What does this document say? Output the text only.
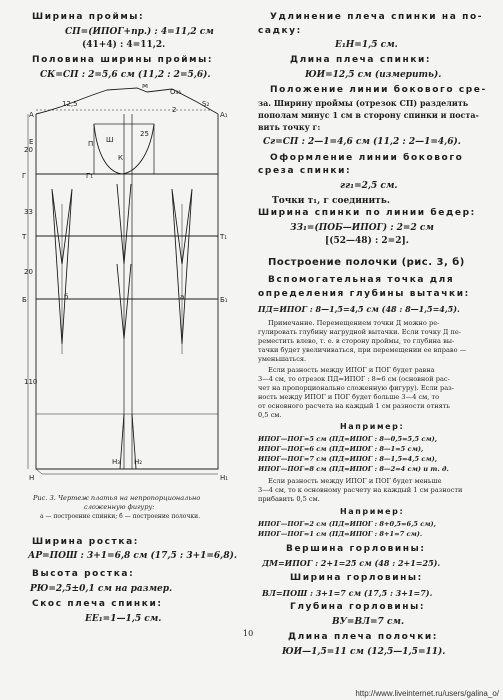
Ширина проймы:
СП=(ИПОГ+пр.) : 4=11,2 см
(41+4) : 4=11,2.
Половина ширины проймы:
СК=СП : 2=5,6 см (11,2 : 2=5,6).
А
Е
Г
Т
Б
Н	Н₁
Н₂
Н₃
А₁
Т₁
Б₁
О₃₅
S₂
М
П Ш
К
Г₁
б	а
20
33
20
110
12,5
25
2
Рис. 3. Чертеж платья на непропорционально
сложенную фигуру:
а — построение спинки; б — построение полочки.
Ширина ростка:
АР=ПОШ : 3+1=6,8 см (17,5 : 3+1=6,8).
Высота ростка:
РЮ=2,5±0,1 см на размер.
Скос плеча спинки:
ЕЕ₁=1—1,5 см.
Удлинение плеча спинки на по-
садку:
Е₁Н=1,5 см.
Длина плеча спинки:
ЮИ=12,5 см (измерить).
Положение линии бокового сре-
за. Ширину проймы (отрезок СП) разделить
пополам минус 1 см в сторону спинки и поста-
вить точку г:
Сг=СП : 2—1=4,6 см (11,2 : 2—1=4,6).
Оформление линии бокового
среза спинки:
гг₁=2,5 см.
Точки т₁, г соединить.
Ширина спинки по линии бедер:
ЗЗ₁=(ПОБ—ИПОГ) : 2=2 см
[(52—48) : 2=2].
Построение полочки (рис. 3, б)
Вспомогательная точка для
определения глубины вытачки:
ПД=ИПОГ : 8—1,5=4,5 см (48 : 8—1,5=4,5).
Примечание. Перемещением точки Д можно ре-
гулировать глубину нагрудной вытачки. Если точку Д пе-
реместить влево, т. е. в сторону проймы, то глубина вы-
тачки будет увеличиваться, при перемещении ее вправо —
уменьшаться.
Если разность между ИПОГ и ПОГ будет равна
3—4 см, то отрезок ПД=ИПОГ : 8=6 см (основной рас-
чет на пропорционально сложенную фигуру). Если раз-
ность между ИПОГ и ПОГ будет больше 3—4 см, то
от основного расчета на каждый 1 см разности отнять
0,5 см.
Например:
ИПОГ—ПОГ=5 см (ПД=ИПОГ : 8—0,5=5,5 см),
ИПОГ—ПОГ=6 см (ПД=ИПОГ : 8—1=5 см),
ИПОГ—ПОГ=7 см (ПД=ИПОГ : 8—1,5=4,5 см),
ИПОГ—ПОГ=8 см (ПД=ИПОГ : 8—2=4 см) и т. д.
Если разность между ИПОГ и ПОГ будет меньше
3—4 см, то к основному расчету на каждый 1 см разности
прибавить 0,5 см.
Например:
ИПОГ—ПОГ=2 см (ПД=ИПОГ : 8+0,5=6,5 см),
ИПОГ—ПОГ=1 см (ПД=ИПОГ : 8+1=7 см).
Вершина горловины:
ДМ=ИПОГ : 2+1=25 см (48 : 2+1=25).
Ширина горловины:
ВЛ=ПОШ : 3+1=7 см (17,5 : 3+1=7).
Глубина горловины:
ВУ=ВЛ=7 см.
Длина плеча полочки:
ЮИ—1,5=11 см (12,5—1,5=11).
10
http://www.liveinternet.ru/users/galina_o/
